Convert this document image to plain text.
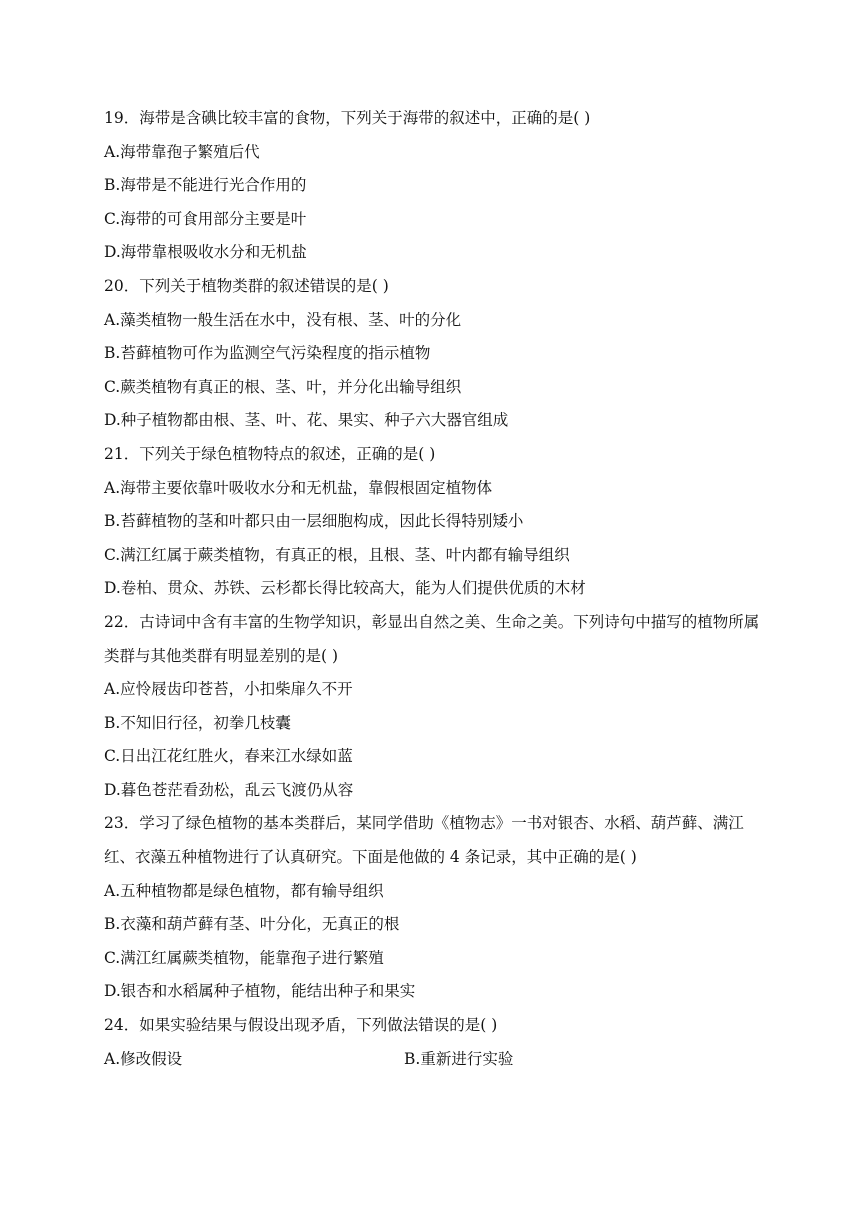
19．海带是含碘比较丰富的食物，下列关于海带的叙述中，正确的是( )
A.海带靠孢子繁殖后代
B.海带是不能进行光合作用的
C.海带的可食用部分主要是叶
D.海带靠根吸收水分和无机盐
20．下列关于植物类群的叙述错误的是( )
A.藻类植物一般生活在水中，没有根、茎、叶的分化
B.苔藓植物可作为监测空气污染程度的指示植物
C.蕨类植物有真正的根、茎、叶，并分化出输导组织
D.种子植物都由根、茎、叶、花、果实、种子六大器官组成
21．下列关于绿色植物特点的叙述，正确的是( )
A.海带主要依靠叶吸收水分和无机盐，靠假根固定植物体
B.苔藓植物的茎和叶都只由一层细胞构成，因此长得特别矮小
C.满江红属于蕨类植物，有真正的根，且根、茎、叶内都有输导组织
D.卷柏、贯众、苏铁、云杉都长得比较高大，能为人们提供优质的木材
22．古诗词中含有丰富的生物学知识，彰显出自然之美、生命之美。下列诗句中描写的植物所属类群与其他类群有明显差别的是( )
A.应怜屐齿印苍苔，小扣柴扉久不开
B.不知旧行径，初拳几枝囊
C.日出江花红胜火，春来江水绿如蓝
D.暮色苍茫看劲松，乱云飞渡仍从容
23．学习了绿色植物的基本类群后，某同学借助《植物志》一书对银杏、水稻、葫芦藓、满江红、衣藻五种植物进行了认真研究。下面是他做的 4 条记录，其中正确的是( )
A.五种植物都是绿色植物，都有输导组织
B.衣藻和葫芦藓有茎、叶分化，无真正的根
C.满江红属蕨类植物，能靠孢子进行繁殖
D.银杏和水稻属种子植物，能结出种子和果实
24．如果实验结果与假设出现矛盾，下列做法错误的是( )
A.修改假设	B.重新进行实验
